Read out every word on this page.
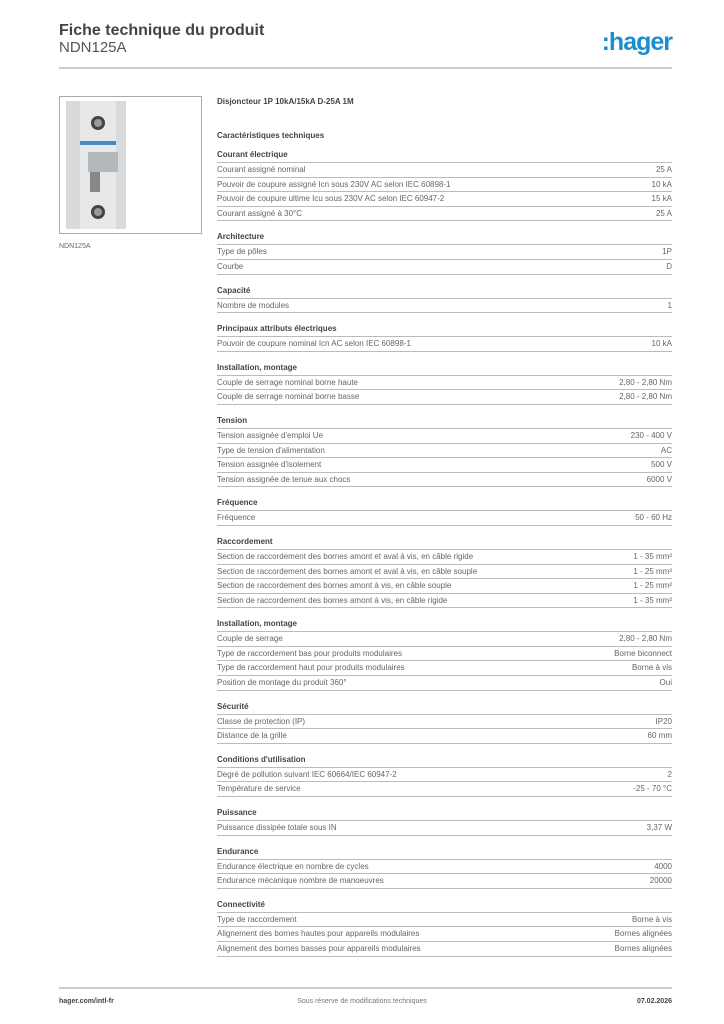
Fiche technique du produit
NDN125A	:hager
NDN125A
Disjoncteur 1P 10kA/15kA D-25A 1M
Caractéristiques techniques
Courant électrique
Courant assigné nominal	25 A
Pouvoir de coupure assigné Icn sous 230V AC selon IEC 60898-1	10 kA
Pouvoir de coupure ultime Icu sous 230V AC selon IEC 60947-2	15 kA
Courant assigné à 30°C	25 A
Architecture
Type de pôles	1P
Courbe	D
Capacité
Nombre de modules	1
Principaux attributs électriques
Pouvoir de coupure nominal Icn AC selon IEC 60898-1	10 kA
Installation, montage
Couple de serrage nominal borne haute	2,80 - 2,80 Nm
Couple de serrage nominal borne basse	2,80 - 2,80 Nm
Tension
Tension assignée d'emploi Ue	230 - 400 V
Type de tension d'alimentation	AC
Tension assignée d'isolement	500 V
Tension assignée de tenue aux chocs	6000 V
Fréquence
Fréquence	50 - 60 Hz
Raccordement
Section de raccordement des bornes amont et aval à vis, en câble rigide	1 - 35 mm²
Section de raccordement des bornes amont et aval à vis, en câble souple	1 - 25 mm²
Section de raccordement des bornes amont à vis, en câble souple	1 - 25 mm²
Section de raccordement des bornes amont à vis, en câble rigide	1 - 35 mm²
Installation, montage
Couple de serrage	2,80 - 2,80 Nm
Type de raccordement bas pour produits modulaires	Borne biconnect
Type de raccordement haut pour produits modulaires	Borne à vis
Position de montage du produit 360°	Oui
Sécurité
Classe de protection (IP)	IP20
Distance de la grille	60 mm
Conditions d'utilisation
Degré de pollution suivant IEC 60664/IEC 60947-2	2
Température de service	-25 - 70 °C
Puissance
Puissance dissipée totale sous IN	3,37 W
Endurance
Endurance électrique en nombre de cycles	4000
Endurance mécanique nombre de manoeuvres	20000
Connectivité
Type de raccordement	Borne à vis
Alignement des bornes hautes pour appareils modulaires	Bornes alignées
Alignement des bornes basses pour appareils modulaires	Bornes alignées
hager.com/intl-fr	Sous réserve de modifications techniques	07.02.2026
